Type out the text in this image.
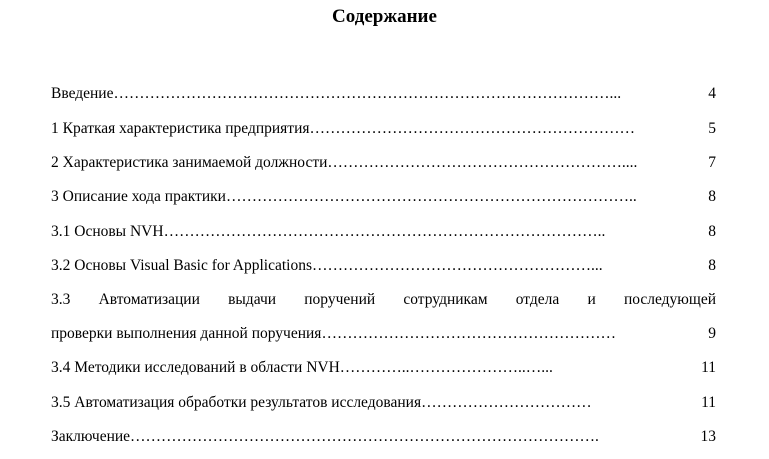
Содержание
Введение ……………………………………………………………………………………...	4
1 Краткая характеристика предприятия ………………………………………………………	5
2 Характеристика занимаемой должности …………………………………………………....	7
3 Описание хода практики ……………………………………………………………………..	8
3.1 Основы NVH …………………………………………………………………………..	8
3.2 Основы Visual Basic for Applications ………………………………………………...	8
3.3 Автоматизации выдачи поручений сотрудникам отдела и последующей
проверки выполнения данной поручения …………………………………………………	9
3.4 Методики исследований в области NVH …………..…………………..…...	11
3.5 Автоматизация обработки результатов исследования ……………………………	11
Заключение ……………………………………………………………………………….	13
